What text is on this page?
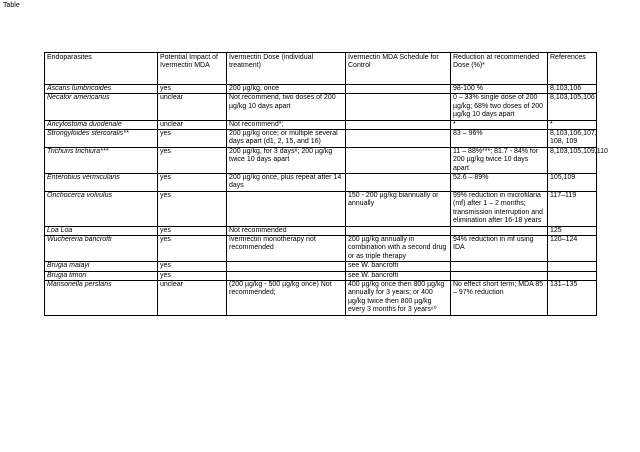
Table
Endoparasites	Potential Impact of Ivermectin MDA	Ivermectin Dose (individual treatment)	Ivermectin MDA Schedule for Control	Reduction at recommended Dose (%)*	References
Ascaris lumbricoides	yes	200 µg/kg, once		98-100 %	8,103,106
Necator americanus	unclear	Not recommend, two doses of 200 µg/kg 10 days apart		0 – 33% single dose of 200 µg/kg; 68% two doses of 200 µg/kg 10 days apart	8,103,105,106
Ancylostoma duodenale	unclear	Not recommend*;		*	*
Strongyloides stercoralis**	yes	200 µg/kg once; or multiple several days apart (d1, 2, 15, and 16)		83 – 96%	8,103,106,107, 108, 109
Trichuris trichiura***	yes	200 µg/kg, for 3 days⁸; 200 µg/kg twice 10 days apart		11 – 88%***; 81.7 - 84% for 200 µg/kg twice 10 days apart	8,103,105,109,110
Enterobius vermicularis	yes	200 µg/kg once, plus repeat after 14 days		52.6 – 89%	105,109
Onchocerca volvulus	yes		150 - 200 µg/kg biannually or annually	99% reduction in microfilaria (mf) after 1 – 2 months; transmission interruption and elimination after 16-18 years	117–119
Loa Loa	yes	Not recommended			125
Wuchereria bancrofti	yes	Ivermectin monotherapy not recommended	200 µg/kg annually in combination with a second drug or as triple therapy	94% reduction in mf using IDA	120–124
Brugia malayi	yes		see W. bancrofti		
Brugia timori	yes		see W. bancrofti		
Mansonella perstans	unclear	(200 µg/kg - 500 µg/kg once) Not recommended;	400 µg/kg once then 800 µg/kg annually for 3 years; or 400 µg/kg twice then 800 µg/kg every 3 months for 3 years⁶⁰	No effect short term; MDA 85 – 97% reduction	131–135
